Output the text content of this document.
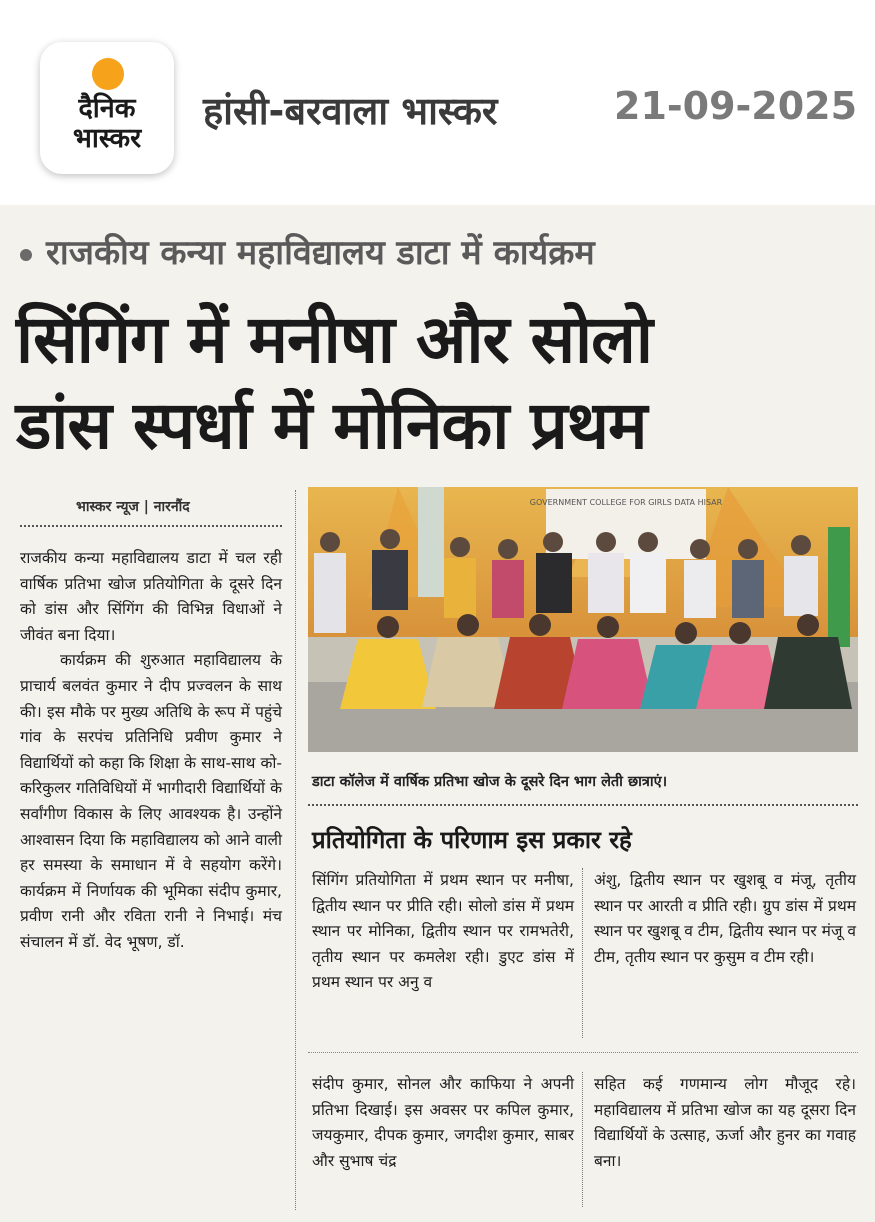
दैनिक
भास्कर
हांसी-बरवाला भास्कर	21-09-2025
राजकीय कन्या महाविद्यालय डाटा में कार्यक्रम
सिंगिंग में मनीषा और सोलो
डांस स्पर्धा में मोनिका प्रथम
भास्कर न्यूज | नारनौंद

राजकीय कन्या महाविद्यालय डाटा में चल रही वार्षिक प्रतिभा खोज प्रतियोगिता के दूसरे दिन को डांस और सिंगिंग की विभिन्न विधाओं ने जीवंत बना दिया।

कार्यक्रम की शुरुआत महाविद्यालय के प्राचार्य बलवंत कुमार ने दीप प्रज्वलन के साथ की। इस मौके पर मुख्य अतिथि के रूप में पहुंचे गांव के सरपंच प्रतिनिधि प्रवीण कुमार ने विद्यार्थियों को कहा कि शिक्षा के साथ-साथ को-करिकुलर गतिविधियों में भागीदारी विद्यार्थियों के सर्वांगीण विकास के लिए आवश्यक है। उन्होंने आश्वासन दिया कि महाविद्यालय को आने वाली हर समस्या के समाधान में वे सहयोग करेंगे। कार्यक्रम में निर्णायक की भूमिका संदीप कुमार, प्रवीण रानी और रविता रानी ने निभाई। मंच संचालन में डॉ. वेद भूषण, डॉ.

GOVERNMENT COLLEGE FOR GIRLS DATA HISAR
डाटा कॉलेज में वार्षिक प्रतिभा खोज के दूसरे दिन भाग लेती छात्राएं।
प्रतियोगिता के परिणाम इस प्रकार रहे
सिंगिंग प्रतियोगिता में प्रथम स्थान पर मनीषा, द्वितीय स्थान पर प्रीति रही। सोलो डांस में प्रथम स्थान पर मोनिका, द्वितीय स्थान पर रामभतेरी, तृतीय स्थान पर कमलेश रही। डुएट डांस में प्रथम स्थान पर अनु व
अंशु, द्वितीय स्थान पर खुशबू व मंजू, तृतीय स्थान पर आरती व प्रीति रही। ग्रुप डांस में प्रथम स्थान पर खुशबू व टीम, द्वितीय स्थान पर मंजू व टीम, तृतीय स्थान पर कुसुम व टीम रही।
संदीप कुमार, सोनल और काफिया ने अपनी प्रतिभा दिखाई। इस अवसर पर कपिल कुमार, जयकुमार, दीपक कुमार, जगदीश कुमार, साबर और सुभाष चंद्र
सहित कई गणमान्य लोग मौजूद रहे। महाविद्यालय में प्रतिभा खोज का यह दूसरा दिन विद्यार्थियों के उत्साह, ऊर्जा और हुनर का गवाह बना।
